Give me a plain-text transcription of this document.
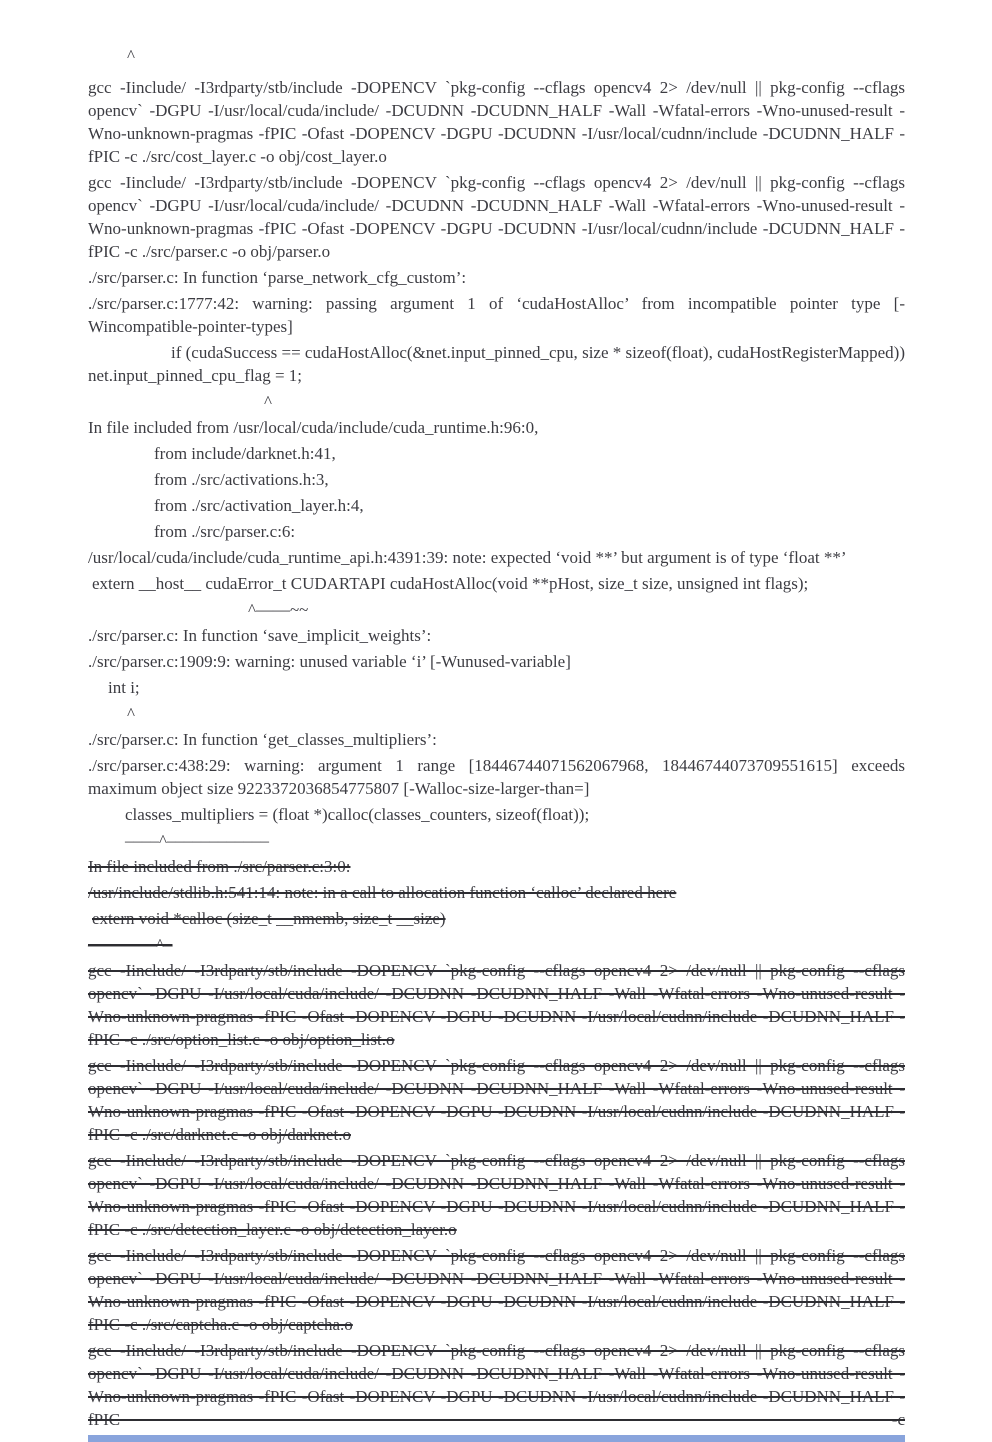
^

gcc -Iinclude/ -I3rdparty/stb/include -DOPENCV `pkg-config --cflags opencv4 2> /dev/null || pkg-config --cflags opencv` -DGPU -I/usr/local/cuda/include/ -DCUDNN -DCUDNN_HALF -Wall -Wfatal-errors -Wno-unused-result -Wno-unknown-pragmas -fPIC -Ofast -DOPENCV -DGPU -DCUDNN -I/usr/local/cudnn/include -DCUDNN_HALF -fPIC -c ./src/cost_layer.c -o obj/cost_layer.o

gcc -Iinclude/ -I3rdparty/stb/include -DOPENCV `pkg-config --cflags opencv4 2> /dev/null || pkg-config --cflags opencv` -DGPU -I/usr/local/cuda/include/ -DCUDNN -DCUDNN_HALF -Wall -Wfatal-errors -Wno-unused-result -Wno-unknown-pragmas -fPIC -Ofast -DOPENCV -DGPU -DCUDNN -I/usr/local/cudnn/include -DCUDNN_HALF -fPIC -c ./src/parser.c -o obj/parser.o

./src/parser.c: In function ‘parse_network_cfg_custom’:

./src/parser.c:1777:42: warning: passing argument 1 of ‘cudaHostAlloc’ from incompatible pointer type [-Wincompatible-pointer-types]

if (cudaSuccess == cudaHostAlloc(&net.input_pinned_cpu, size * sizeof(float), cudaHostRegisterMapped)) net.input_pinned_cpu_flag = 1;

^

In file included from /usr/local/cuda/include/cuda_runtime.h:96:0,

from include/darknet.h:41,

from ./src/activations.h:3,

from ./src/activation_layer.h:4,

from ./src/parser.c:6:

/usr/local/cuda/include/cuda_runtime_api.h:4391:39: note: expected ‘void **’ but argument is of type ‘float **’

extern __host__ cudaError_t CUDARTAPI cudaHostAlloc(void **pHost, size_t size, unsigned int flags);

^——~~

./src/parser.c: In function ‘save_implicit_weights’:

./src/parser.c:1909:9: warning: unused variable ‘i’ [-Wunused-variable]

int i;

^

./src/parser.c: In function ‘get_classes_multipliers’:

./src/parser.c:438:29: warning: argument 1 range [18446744071562067968, 18446744073709551615] exceeds maximum object size 9223372036854775807 [-Walloc-size-larger-than=]

classes_multipliers = (float *)calloc(classes_counters, sizeof(float));

––––^––––––––––––

In file included from ./src/parser.c:3:0:

/usr/include/stdlib.h:541:14: note: in a call to allocation function ‘calloc’ declared here

extern void *calloc (size_t __nmemb, size_t __size)

————^–

gcc -Iinclude/ -I3rdparty/stb/include -DOPENCV `pkg-config --cflags opencv4 2> /dev/null || pkg-config --cflags opencv` -DGPU -I/usr/local/cuda/include/ -DCUDNN -DCUDNN_HALF -Wall -Wfatal-errors -Wno-unused-result -Wno-unknown-pragmas -fPIC -Ofast -DOPENCV -DGPU -DCUDNN -I/usr/local/cudnn/include -DCUDNN_HALF -fPIC -c ./src/option_list.c -o obj/option_list.o

gcc -Iinclude/ -I3rdparty/stb/include -DOPENCV `pkg-config --cflags opencv4 2> /dev/null || pkg-config --cflags opencv` -DGPU -I/usr/local/cuda/include/ -DCUDNN -DCUDNN_HALF -Wall -Wfatal-errors -Wno-unused-result -Wno-unknown-pragmas -fPIC -Ofast -DOPENCV -DGPU -DCUDNN -I/usr/local/cudnn/include -DCUDNN_HALF -fPIC -c ./src/darknet.c -o obj/darknet.o

gcc -Iinclude/ -I3rdparty/stb/include -DOPENCV `pkg-config --cflags opencv4 2> /dev/null || pkg-config --cflags opencv` -DGPU -I/usr/local/cuda/include/ -DCUDNN -DCUDNN_HALF -Wall -Wfatal-errors -Wno-unused-result -Wno-unknown-pragmas -fPIC -Ofast -DOPENCV -DGPU -DCUDNN -I/usr/local/cudnn/include -DCUDNN_HALF -fPIC -c ./src/detection_layer.c -o obj/detection_layer.o

gcc -Iinclude/ -I3rdparty/stb/include -DOPENCV `pkg-config --cflags opencv4 2> /dev/null || pkg-config --cflags opencv` -DGPU -I/usr/local/cuda/include/ -DCUDNN -DCUDNN_HALF -Wall -Wfatal-errors -Wno-unused-result -Wno-unknown-pragmas -fPIC -Ofast -DOPENCV -DGPU -DCUDNN -I/usr/local/cudnn/include -DCUDNN_HALF -fPIC -c ./src/captcha.c -o obj/captcha.o

gcc -Iinclude/ -I3rdparty/stb/include -DOPENCV `pkg-config --cflags opencv4 2> /dev/null || pkg-config --cflags opencv` -DGPU -I/usr/local/cuda/include/ -DCUDNN -DCUDNN_HALF -Wall -Wfatal-errors -Wno-unused-result -Wno-unknown-pragmas -fPIC -Ofast -DOPENCV -DGPU -DCUDNN -I/usr/local/cudnn/include -DCUDNN_HALF -fPIC -c
